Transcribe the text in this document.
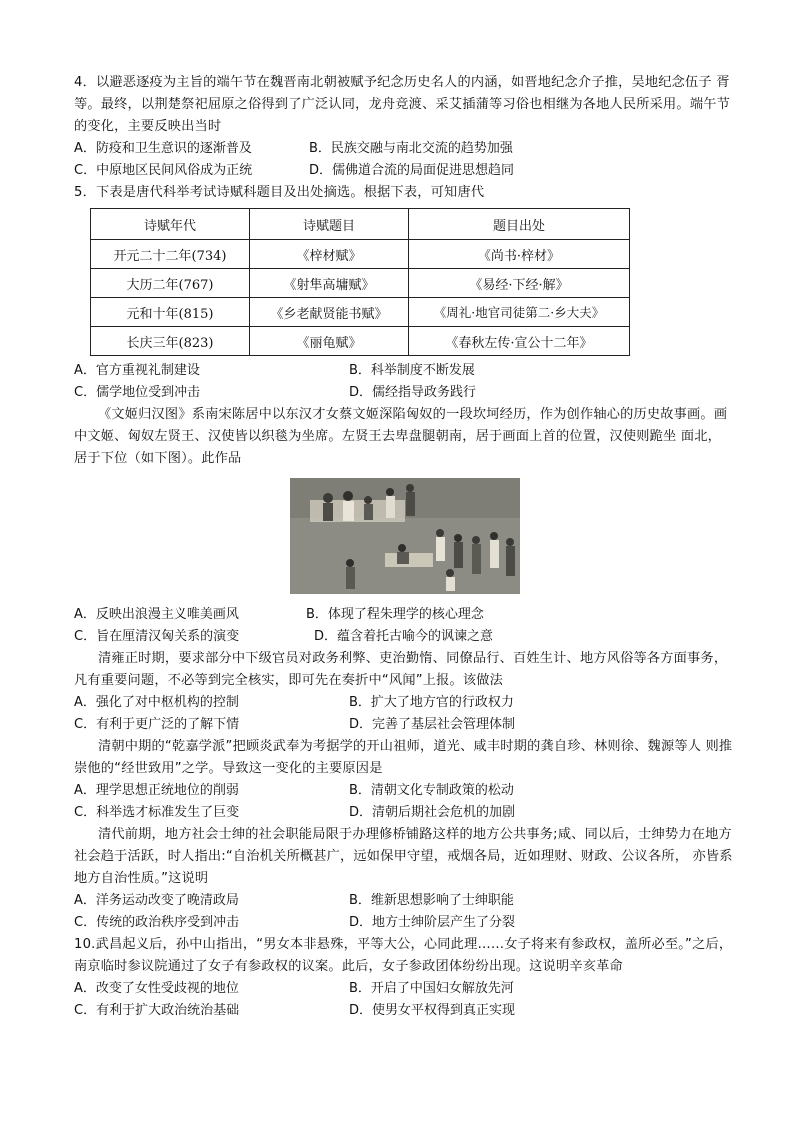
4．以避恶逐疫为主旨的端午节在魏晋南北朝被赋予纪念历史名人的内涵，如晋地纪念介子推，吴地纪念伍子 胥等。最终，以荆楚祭祀屈原之俗得到了广泛认同，龙舟竞渡、采艾插蒲等习俗也相继为各地人民所采用。端午节的变化，主要反映出当时

A．防疫和卫生意识的逐渐普及	B．民族交融与南北交流的趋势加强
C．中原地区民间风俗成为正统	D．儒佛道合流的局面促进思想趋同

5．下表是唐代科举考试诗赋科题目及出处摘选。根据下表，可知唐代

诗赋年代	诗赋题目	题目出处
开元二十二年(734)	《梓材赋》	《尚书·梓材》
大历二年(767)	《射隼高墉赋》	《易经·下经·解》
元和十年(815)	《乡老献贤能书赋》	《周礼·地官司徒第二·乡大夫》
长庆三年(823)	《丽龟赋》	《春秋左传·宣公十二年》
A．官方重视礼制建设	B．科举制度不断发展
C．儒学地位受到冲击	D．儒经指导政务践行

《文姬归汉图》系南宋陈居中以东汉才女蔡文姬深陷匈奴的一段坎坷经历，作为创作轴心的历史故事画。画中文姬、匈奴左贤王、汉使皆以织毯为坐席。左贤王去卑盘腿朝南，居于画面上首的位置，汉使则跪坐 面北，居于下位（如下图）。此作品

A．反映出浪漫主义唯美画风	B．体现了程朱理学的核心理念
C．旨在厘清汉匈关系的演变	D．蕴含着托古喻今的讽谏之意

清雍正时期，要求部分中下级官员对政务利弊、吏治勤惰、同僚品行、百姓生计、地方风俗等各方面事务， 凡有重要问题，不必等到完全核实，即可先在奏折中“风闻”上报。该做法

A．强化了对中枢机构的控制	B．扩大了地方官的行政权力
C．有利于更广泛的了解下情	D．完善了基层社会管理体制

清朝中期的“乾嘉学派”把顾炎武奉为考据学的开山祖师，道光、咸丰时期的龚自珍、林则徐、魏源等人 则推崇他的“经世致用”之学。导致这一变化的主要原因是

A．理学思想正统地位的削弱	B．清朝文化专制政策的松动
C．科举选才标准发生了巨变	D．清朝后期社会危机的加剧

清代前期，地方社会士绅的社会职能局限于办理修桥铺路这样的地方公共事务;咸、同以后，士绅势力在地方社会趋于活跃，时人指出:“自治机关所概甚广，远如保甲守望，戒烟各局，近如理财、财政、公议各所， 亦皆系地方自治性质。”这说明

A．洋务运动改变了晚清政局	B．维新思想影响了士绅职能
C．传统的政治秩序受到冲击	D．地方士绅阶层产生了分裂

10.武昌起义后，孙中山指出，“男女本非悬殊，平等大公，心同此理……女子将来有参政权，盖所必至。”之后，南京临时参议院通过了女子有参政权的议案。此后，女子参政团体纷纷出现。这说明辛亥革命

A．改变了女性受歧视的地位	B．开启了中国妇女解放先河
C．有利于扩大政治统治基础	D．使男女平权得到真正实现
